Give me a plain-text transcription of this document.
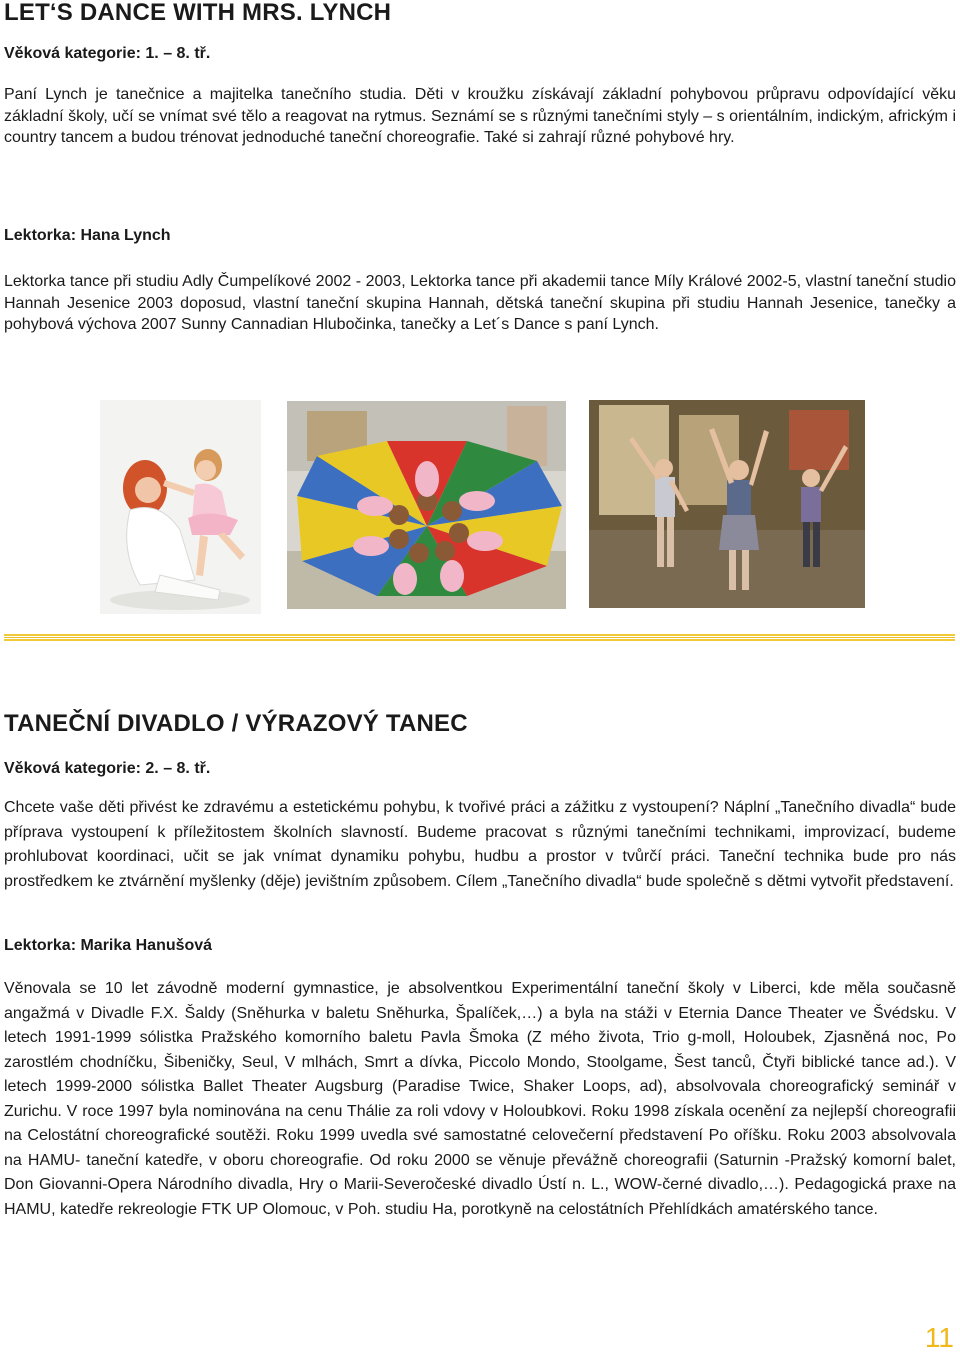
LET‘S DANCE WITH MRS. LYNCH

Věková kategorie: 1. – 8. tř.

Paní Lynch je tanečnice a majitelka tanečního studia. Děti v kroužku získávají základní pohybovou průpravu odpovídající věku základní školy, učí se vnímat své tělo a reagovat na rytmus. Seznámí se s různými tanečními styly – s orientálním, indickým, africkým i country tancem a budou trénovat jednoduché taneční choreografie. Také si zahrají různé pohybové hry.

Lektorka: Hana Lynch

Lektorka tance při studiu Adly Čumpelíkové 2002 - 2003, Lektorka tance při akademii tance Míly Králové 2002-5, vlastní taneční studio Hannah Jesenice 2003 doposud, vlastní taneční skupina Hannah, dětská taneční skupina při studiu Hannah Jesenice, tanečky a pohybová výchova 2007 Sunny Cannadian Hlubočinka, tanečky a Let´s Dance s paní Lynch.

TANEČNÍ DIVADLO / VÝRAZOVÝ TANEC

Věková kategorie: 2. – 8. tř.

Chcete vaše děti přivést ke zdravému a estetickému pohybu, k tvořivé práci a zážitku z vystoupení? Náplní „Tanečního divadla“ bude příprava vystoupení k příležitostem školních slavností. Budeme pracovat s různými tanečními technikami, improvizací, budeme prohlubovat koordinaci, učit se jak vnímat dynamiku pohybu, hudbu a prostor v tvůrčí práci. Taneční technika bude pro nás prostředkem ke ztvárnění myšlenky (děje) jevištním způsobem. Cílem „Tanečního divadla“ bude společně s dětmi vytvořit představení.

Lektorka: Marika Hanušová

Věnovala se 10 let závodně moderní gymnastice, je absolventkou Experimentální taneční školy v Liberci, kde měla současně angažmá v Divadle F.X. Šaldy (Sněhurka v baletu Sněhurka, Špalíček,…) a byla na stáži v Eternia Dance Theater ve Švédsku. V letech 1991-1999 sólistka Pražského komorního baletu Pavla Šmoka (Z mého života, Trio g-moll, Holoubek, Zjasněná noc, Po zarostlém chodníčku, Šibeničky, Seul, V mlhách, Smrt a dívka, Piccolo Mondo, Stoolgame, Šest tanců, Čtyři biblické tance ad.). V letech 1999-2000 sólistka Ballet Theater Augsburg (Paradise Twice, Shaker Loops, ad), absolvovala choreografický seminář v Zurichu. V roce 1997 byla nominována na cenu Thálie za roli vdovy v Holoubkovi. Roku 1998 získala ocenění za nejlepší choreografii na Celostátní choreografické soutěži. Roku 1999 uvedla své samostatné celovečerní představení Po oříšku. Roku 2003 absolvovala na HAMU- taneční katedře, v oboru choreografie. Od roku 2000 se věnuje převážně choreografii (Saturnin -Pražský komorní balet, Don Giovanni-Opera Národního divadla, Hry o Marii-Severočeské divadlo Ústí n. L., WOW-černé divadlo,…). Pedagogická praxe na HAMU, katedře rekreologie FTK UP Olomouc, v Poh. studiu Ha, porotkyně na celostátních Přehlídkách amatérského tance.

11
